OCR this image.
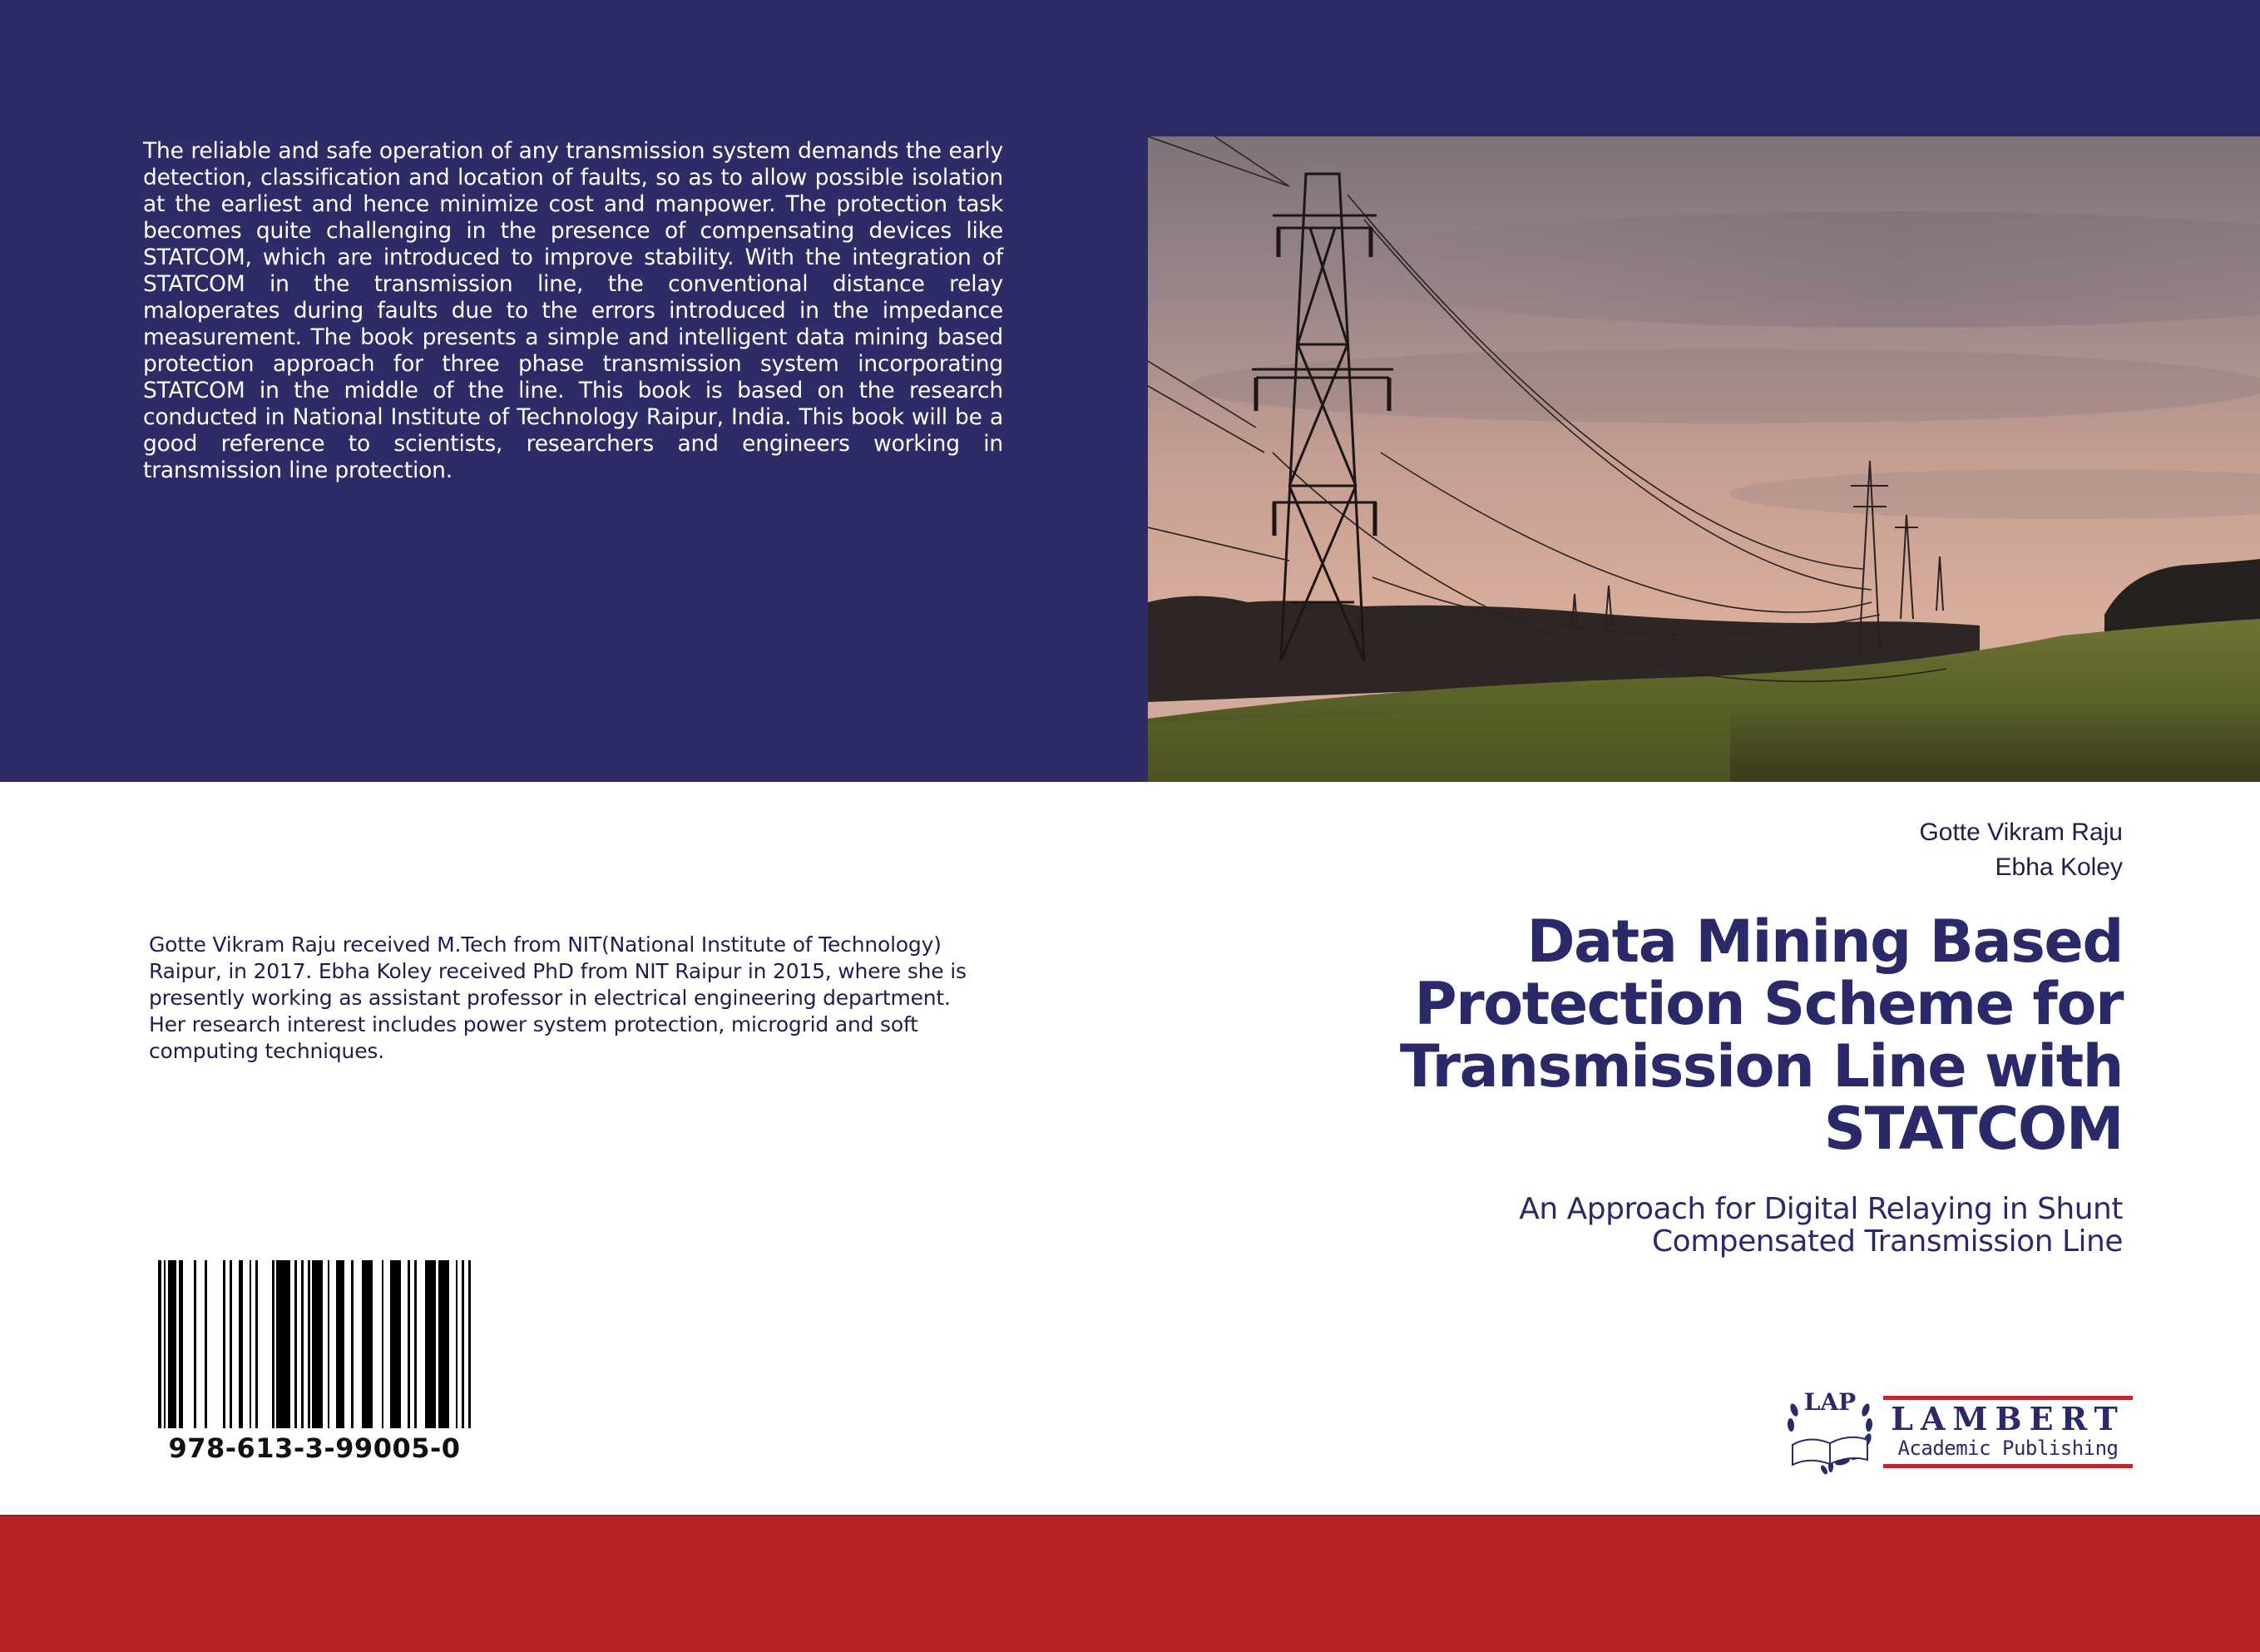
The reliable and safe operation of any transmission system demands the early detection, classification and location of faults, so as to allow possible isolation at the earliest and hence minimize cost and manpower. The protection task becomes quite challenging in the presence of compensating devices like STATCOM, which are introduced to improve stability. With the integration of STATCOM in the transmission line, the conventional distance relay maloperates during faults due to the errors introduced in the impedance measurement. The book presents a simple and intelligent data mining based protection approach for three phase transmission system incorporating STATCOM in the middle of the line. This book is based on the research conducted in National Institute of Technology Raipur, India. This book will be a good reference to scientists, researchers and engineers working in transmission line protection.
Gotte Vikram Raju
Ebha Koley
Data Mining Based Protection Scheme for Transmission Line with STATCOM
An Approach for Digital Relaying in Shunt Compensated Transmission Line
Gotte Vikram Raju received M.Tech from NIT(National Institute of Technology) Raipur, in 2017. Ebha Koley received PhD from NIT Raipur in 2015, where she is presently working as assistant professor in electrical engineering department. Her research interest includes power system protection, microgrid and soft computing techniques.
978-613-3-99005-0
LAP LAMBERT
Academic Publishing
